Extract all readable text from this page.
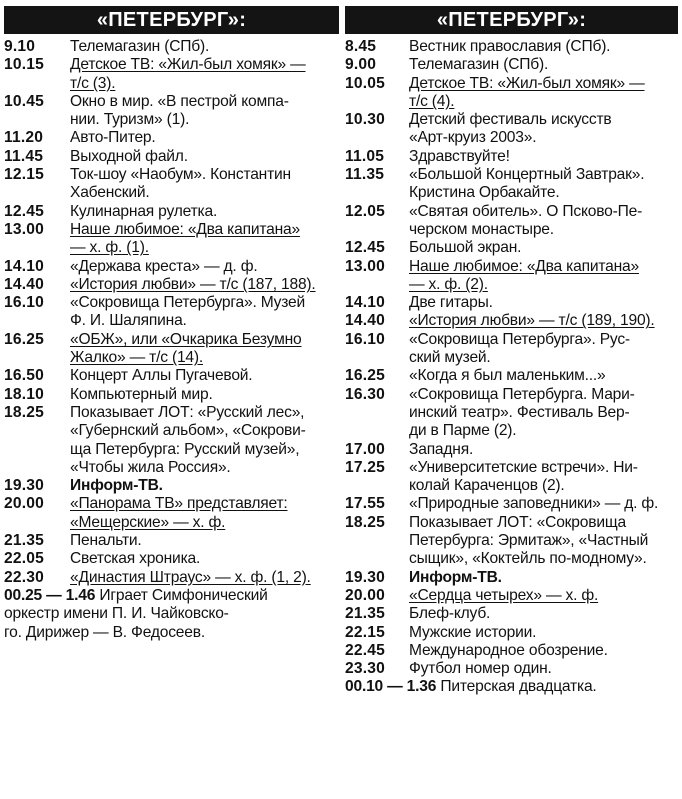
«ПЕТЕРБУРГ»:
9.10	Телемагазин (СПб).
10.15	Детское ТВ: «Жил-был хомяк» —
т/с (3).
10.45	Окно в мир. «В пестрой компа-
нии. Туризм» (1).
11.20	Авто-Питер.
11.45	Выходной файл.
12.15	Ток-шоу «Наобум». Константин
Хабенский.
12.45	Кулинарная рулетка.
13.00	Наше любимое: «Два капитана»
— х. ф. (1).
14.10	«Держава креста» — д. ф.
14.40	«История любви» — т/с (187, 188).
16.10	«Сокровища Петербурга». Музей
Ф. И. Шаляпина.
16.25	«ОБЖ», или «Очкарика Безумно
Жалко» — т/с (14).
16.50	Концерт Аллы Пугачевой.
18.10	Компьютерный мир.
18.25	Показывает ЛОТ: «Русский лес»,
«Губернский альбом», «Сокрови-
ща Петербурга: Русский музей»,
«Чтобы жила Россия».
19.30	Информ-ТВ.
20.00	«Панорама ТВ» представляет:
«Мещерские» — х. ф.
21.35	Пенальти.
22.05	Светская хроника.
22.30	«Династия Штраус» — х. ф. (1, 2).
00.25 — 1.46 Играет Симфонический
оркестр имени П. И. Чайковско-
го. Дирижер — В. Федосеев.
«ПЕТЕРБУРГ»:
8.45	Вестник православия (СПб).
9.00	Телемагазин (СПб).
10.05	Детское ТВ: «Жил-был хомяк» —
т/с (4).
10.30	Детский фестиваль искусств
«Арт-круиз 2003».
11.05	Здравствуйте!
11.35	«Большой Концертный Завтрак».
Кристина Орбакайте.
12.05	«Святая обитель». О Псково-Пе-
черском монастыре.
12.45	Большой экран.
13.00	Наше любимое: «Два капитана»
— х. ф. (2).
14.10	Две гитары.
14.40	«История любви» — т/с (189, 190).
16.10	«Сокровища Петербурга». Рус-
ский музей.
16.25	«Когда я был маленьким...»
16.30	«Сокровища Петербурга. Мари-
инский театр». Фестиваль Вер-
ди в Парме (2).
17.00	Западня.
17.25	«Университетские встречи». Ни-
колай Караченцов (2).
17.55	«Природные заповедники» — д. ф.
18.25	Показывает ЛОТ: «Сокровища
Петербурга: Эрмитаж», «Частный
сыщик», «Коктейль по-модному».
19.30	Информ-ТВ.
20.00	«Сердца четырех» — х. ф.
21.35	Блеф-клуб.
22.15	Мужские истории.
22.45	Международное обозрение.
23.30	Футбол номер один.
00.10 — 1.36 Питерская двадцатка.
